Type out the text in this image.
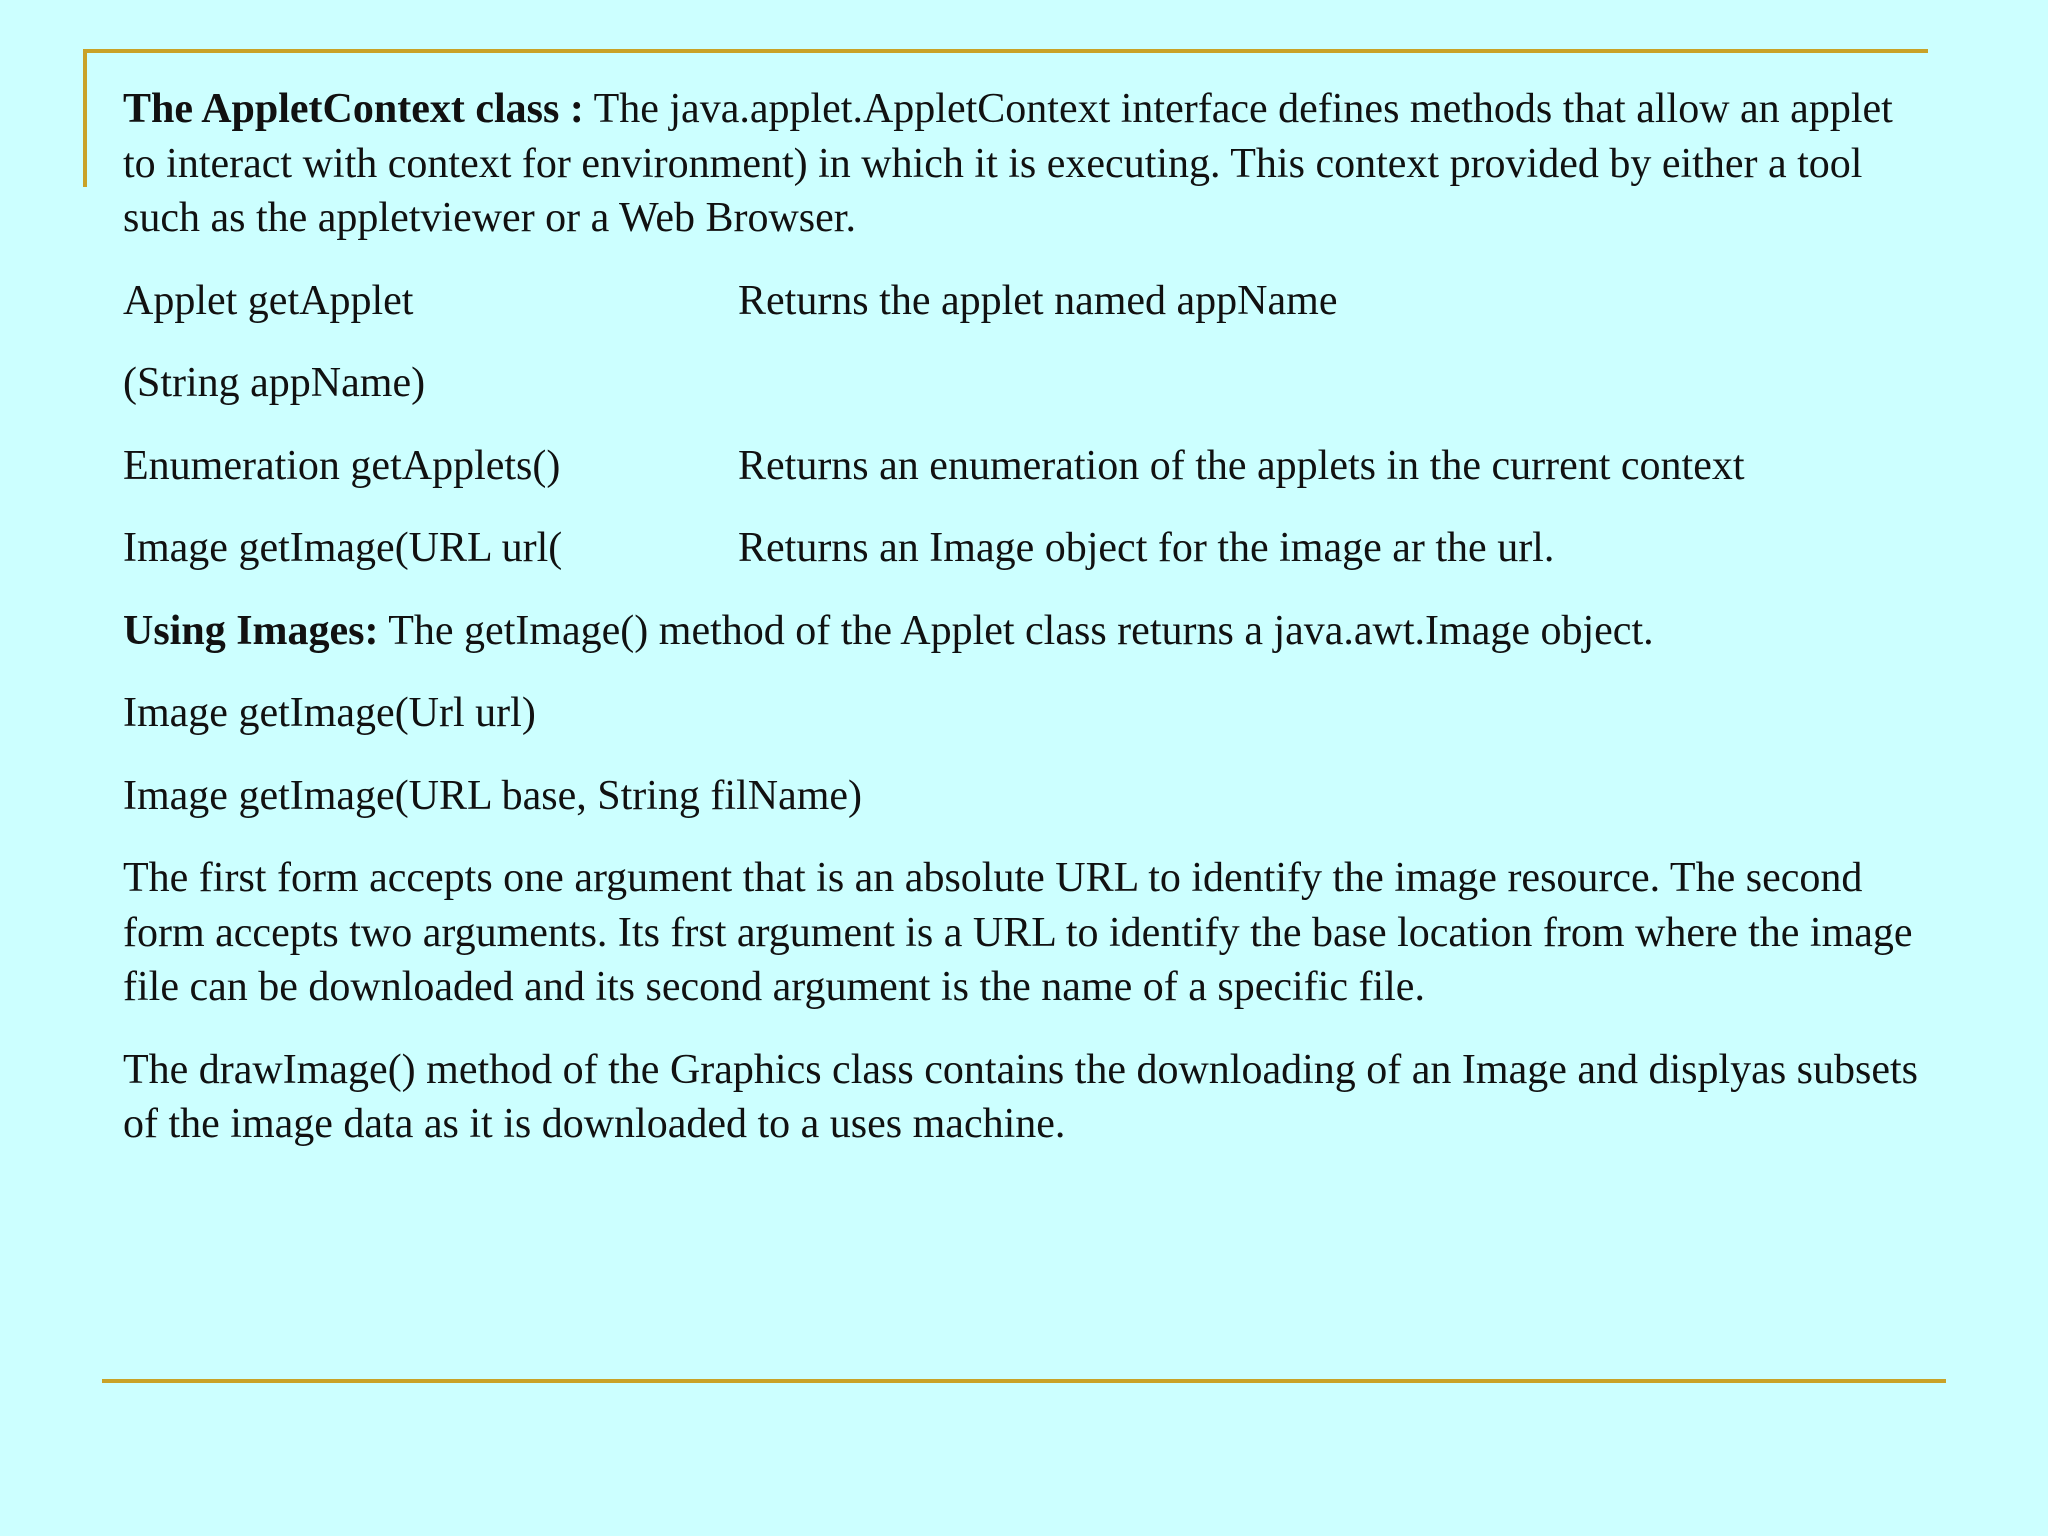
The AppletContext class : The java.applet.AppletContext interface defines methods that allow an applet to interact with context for environment) in which it is executing. This context provided by either a tool such as the appletviewer or a Web Browser.

Applet getApplet	Returns the applet named appName
(String appName)
Enumeration getApplets()	Returns an enumeration of the applets in the current context
Image getImage(URL url(	Returns an Image object for the image ar the url.

Using Images: The getImage() method of the Applet class returns a java.awt.Image object.

Image getImage(Url url)
Image getImage(URL base, String filName)

The first form accepts one argument that is an absolute URL to identify the image resource. The second form accepts two arguments. Its frst argument is a URL to identify the base location from where the image file can be downloaded and its second argument is the name of a specific file.

The drawImage() method of the Graphics class contains the downloading of an Image and displyas subsets of the image data as it is downloaded to a uses machine.
